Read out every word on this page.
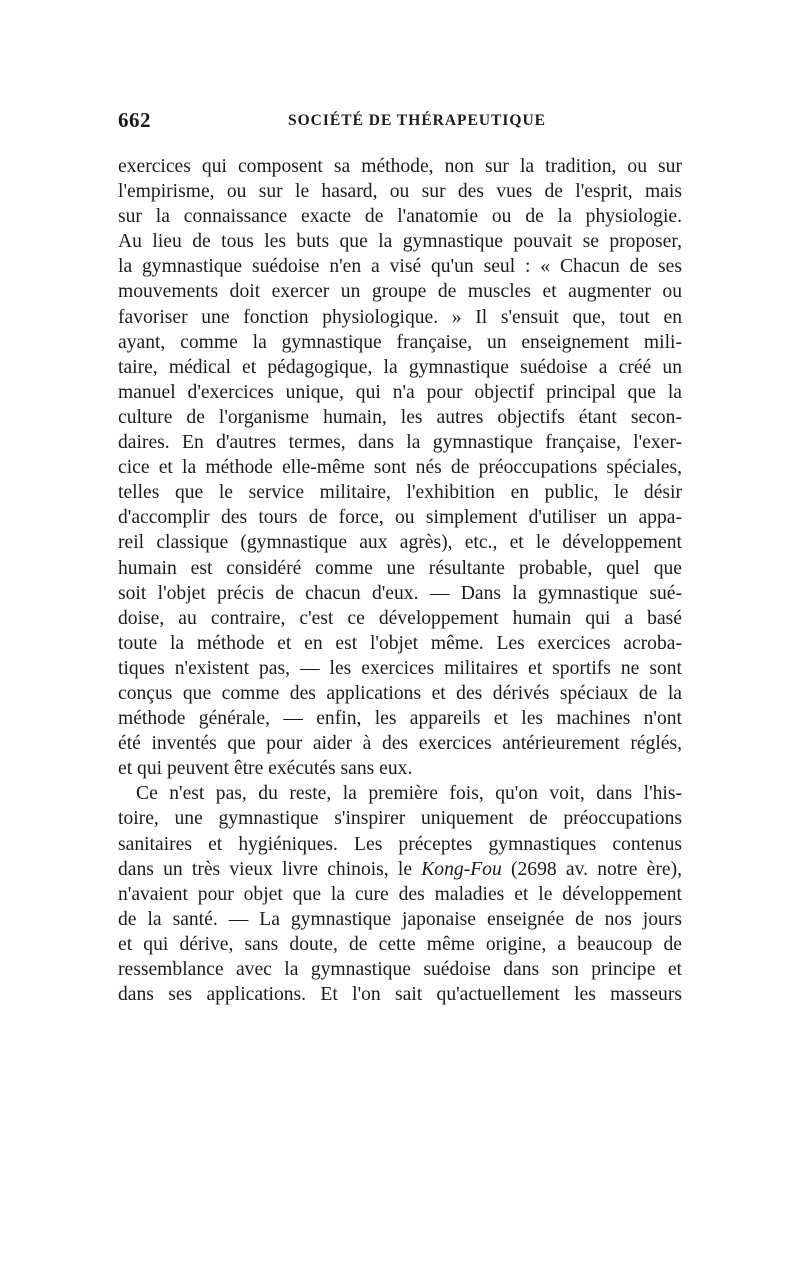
662	SOCIÉTÉ DE THÉRAPEUTIQUE
exercices qui composent sa méthode, non sur la tradition, ou sur
l'empirisme, ou sur le hasard, ou sur des vues de l'esprit, mais
sur la connaissance exacte de l'anatomie ou de la physiologie.
Au lieu de tous les buts que la gymnastique pouvait se proposer,
la gymnastique suédoise n'en a visé qu'un seul : « Chacun de ses
mouvements doit exercer un groupe de muscles et augmenter ou
favoriser une fonction physiologique. » Il s'ensuit que, tout en
ayant, comme la gymnastique française, un enseignement mili-
taire, médical et pédagogique, la gymnastique suédoise a créé un
manuel d'exercices unique, qui n'a pour objectif principal que la
culture de l'organisme humain, les autres objectifs étant secon-
daires. En d'autres termes, dans la gymnastique française, l'exer-
cice et la méthode elle-même sont nés de préoccupations spéciales,
telles que le service militaire, l'exhibition en public, le désir
d'accomplir des tours de force, ou simplement d'utiliser un appa-
reil classique (gymnastique aux agrès), etc., et le développement
humain est considéré comme une résultante probable, quel que
soit l'objet précis de chacun d'eux. — Dans la gymnastique sué-
doise, au contraire, c'est ce développement humain qui a basé
toute la méthode et en est l'objet même. Les exercices acroba-
tiques n'existent pas, — les exercices militaires et sportifs ne sont
conçus que comme des applications et des dérivés spéciaux de la
méthode générale, — enfin, les appareils et les machines n'ont
été inventés que pour aider à des exercices antérieurement réglés,
et qui peuvent être exécutés sans eux.
Ce n'est pas, du reste, la première fois, qu'on voit, dans l'his-
toire, une gymnastique s'inspirer uniquement de préoccupations
sanitaires et hygiéniques. Les préceptes gymnastiques contenus
dans un très vieux livre chinois, le Kong-Fou (2698 av. notre ère),
n'avaient pour objet que la cure des maladies et le développement
de la santé. — La gymnastique japonaise enseignée de nos jours
et qui dérive, sans doute, de cette même origine, a beaucoup de
ressemblance avec la gymnastique suédoise dans son principe et
dans ses applications. Et l'on sait qu'actuellement les masseurs
